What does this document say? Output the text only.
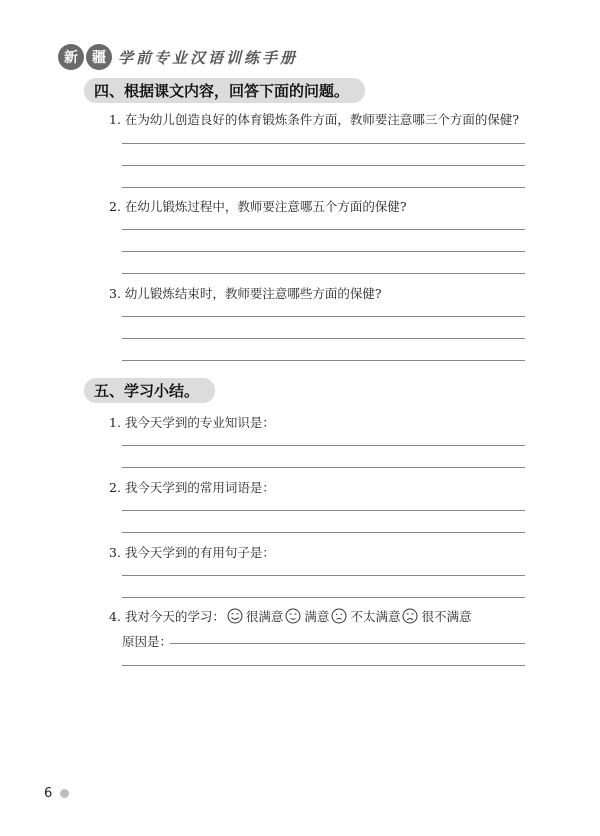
新	疆 学前专业汉语训练手册
四、根据课文内容，回答下面的问题。
1. 在为幼儿创造良好的体育锻炼条件方面，教师要注意哪三个方面的保健?
2. 在幼儿锻炼过程中，教师要注意哪五个方面的保健?
3. 幼儿锻炼结束时，教师要注意哪些方面的保健?
五、学习小结。
1. 我今天学到的专业知识是：
2. 我今天学到的常用词语是：
3. 我今天学到的有用句子是：
4. 我对今天的学习： 很满意 满意 不太满意 很不满意
原因是：
6
